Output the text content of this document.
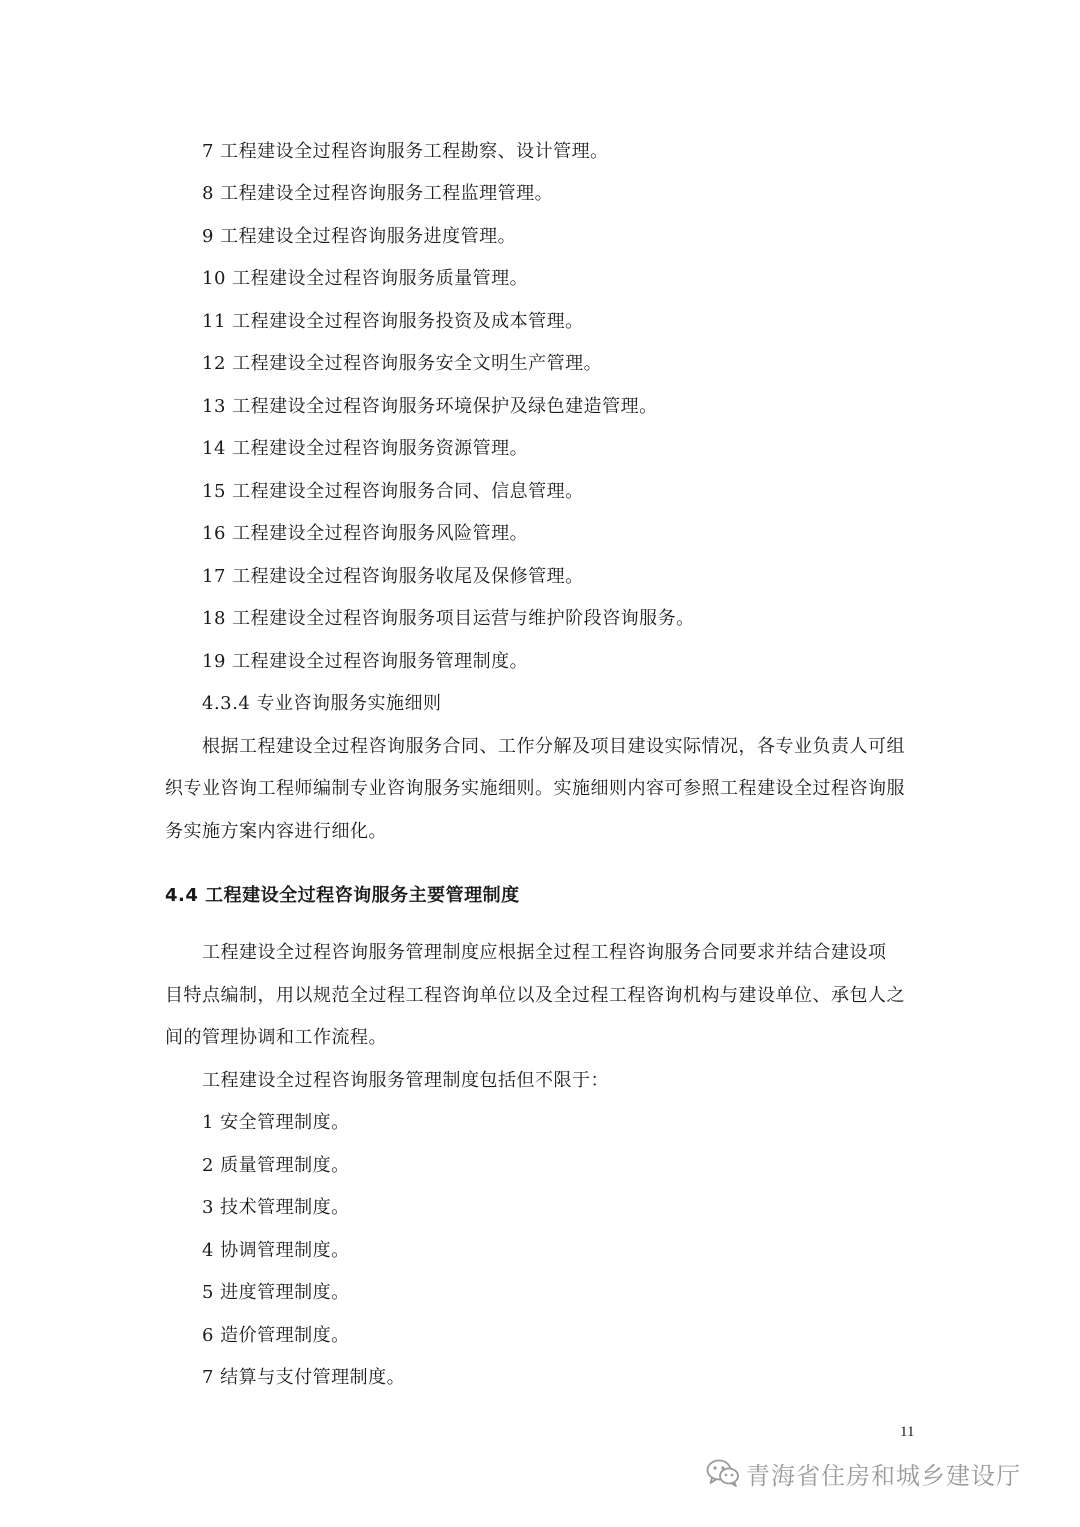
7 工程建设全过程咨询服务工程勘察、设计管理。
8 工程建设全过程咨询服务工程监理管理。
9 工程建设全过程咨询服务进度管理。
10 工程建设全过程咨询服务质量管理。
11 工程建设全过程咨询服务投资及成本管理。
12 工程建设全过程咨询服务安全文明生产管理。
13 工程建设全过程咨询服务环境保护及绿色建造管理。
14 工程建设全过程咨询服务资源管理。
15 工程建设全过程咨询服务合同、信息管理。
16 工程建设全过程咨询服务风险管理。
17 工程建设全过程咨询服务收尾及保修管理。
18 工程建设全过程咨询服务项目运营与维护阶段咨询服务。
19 工程建设全过程咨询服务管理制度。
4.3.4 专业咨询服务实施细则
根据工程建设全过程咨询服务合同、工作分解及项目建设实际情况，各专业负责人可组
织专业咨询工程师编制专业咨询服务实施细则。实施细则内容可参照工程建设全过程咨询服
务实施方案内容进行细化。
4.4 工程建设全过程咨询服务主要管理制度
工程建设全过程咨询服务管理制度应根据全过程工程咨询服务合同要求并结合建设项
目特点编制，用以规范全过程工程咨询单位以及全过程工程咨询机构与建设单位、承包人之
间的管理协调和工作流程。
工程建设全过程咨询服务管理制度包括但不限于：
1 安全管理制度。
2 质量管理制度。
3 技术管理制度。
4 协调管理制度。
5 进度管理制度。
6 造价管理制度。
7 结算与支付管理制度。
11
青海省住房和城乡建设厅
